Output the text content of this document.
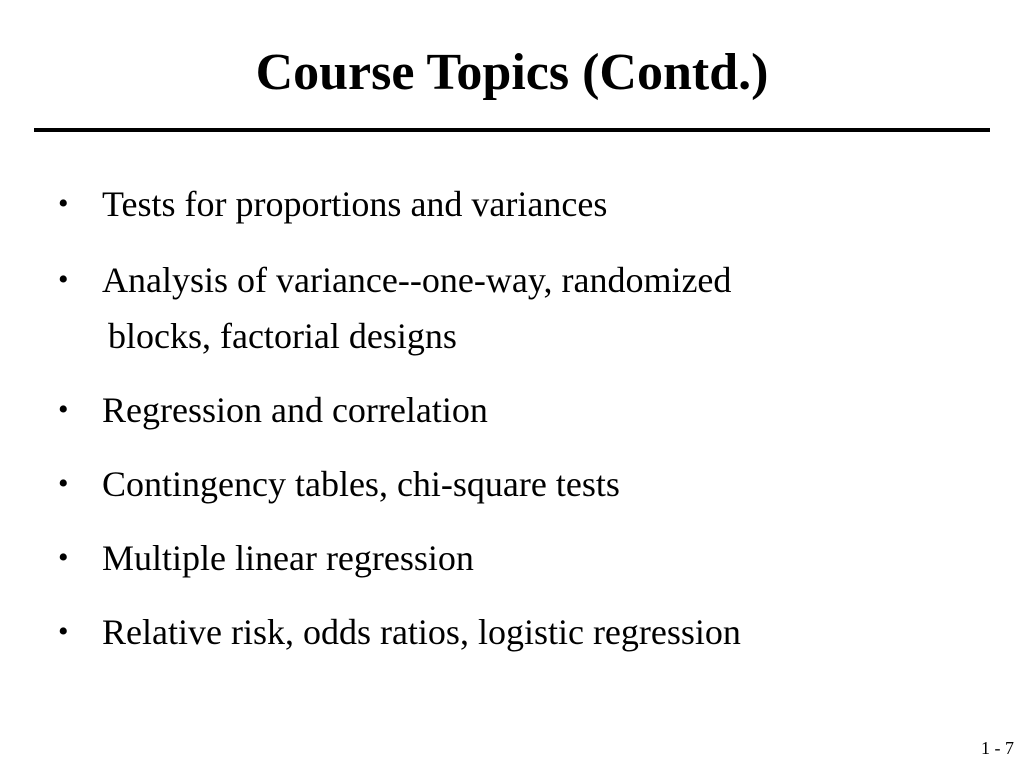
Course Topics (Contd.)
• Tests for proportions and variances
• Analysis of variance--one-way, randomized
blocks, factorial designs
• Regression and correlation
• Contingency tables, chi-square tests
• Multiple linear regression
• Relative risk, odds ratios, logistic regression
1 - 7
